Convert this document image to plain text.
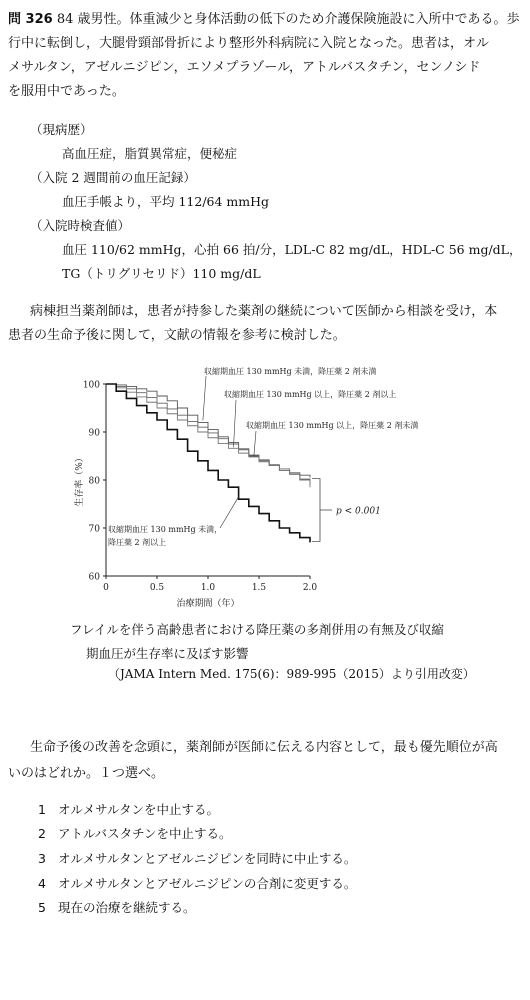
問 326 84 歳男性。体重減少と身体活動の低下のため介護保険施設に入所中である。歩
行中に転倒し，大腿骨頸部骨折により整形外科病院に入院となった。患者は，オル
メサルタン，アゼルニジピン，エソメプラゾール，アトルバスタチン，センノシド
を服用中であった。
（現病歴）
高血圧症，脂質異常症，便秘症
（入院 2 週間前の血圧記録）
血圧手帳より，平均 112/64 mmHg
（入院時検査値）
血圧 110/62 mmHg，心拍 66 拍/分，LDL-C 82 mg/dL，HDL-C 56 mg/dL，
TG（トリグリセリド）110 mg/dL
病棟担当薬剤師は，患者が持参した薬剤の継続について医師から相談を受け，本
患者の生命予後に関して，文献の情報を参考に検討した。
60
70
80
90
100
0	0.5	1.0	1.5	2.0
治療期間（年）
生存率（%）
収縮期血圧 130 mmHg 未満，降圧薬 2 剤未満
収縮期血圧 130 mmHg 以上，降圧薬 2 剤以上
収縮期血圧 130 mmHg 以上，降圧薬 2 剤未満
収縮期血圧 130 mmHg 未満，
降圧薬 2 剤以上
p < 0.001
フレイルを伴う高齢患者における降圧薬の多剤併用の有無及び収縮
期血圧が生存率に及ぼす影響
（JAMA Intern Med. 175(6)：989-995（2015）より引用改変）
生命予後の改善を念頭に，薬剤師が医師に伝える内容として，最も優先順位が高
いのはどれか。１つ選べ。
1 オルメサルタンを中止する。
2 アトルバスタチンを中止する。
3 オルメサルタンとアゼルニジピンを同時に中止する。
4 オルメサルタンとアゼルニジピンの合剤に変更する。
5 現在の治療を継続する。
